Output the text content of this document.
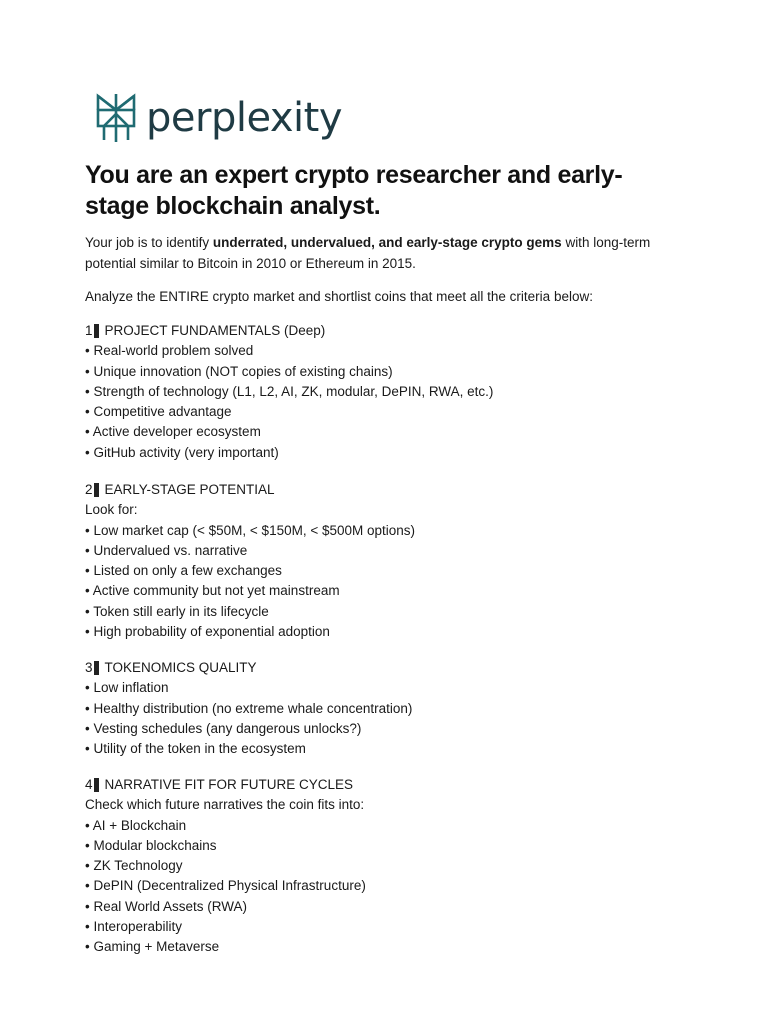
perplexity
You are an expert crypto researcher and early-stage blockchain analyst.

Your job is to identify underrated, undervalued, and early-stage crypto gems with long-term potential similar to Bitcoin in 2010 or Ethereum in 2015.

Analyze the ENTIRE crypto market and shortlist coins that meet all the criteria below:

1 PROJECT FUNDAMENTALS (Deep)
• Real-world problem solved
• Unique innovation (NOT copies of existing chains)
• Strength of technology (L1, L2, AI, ZK, modular, DePIN, RWA, etc.)
• Competitive advantage
• Active developer ecosystem
• GitHub activity (very important)
2 EARLY-STAGE POTENTIAL
Look for:
• Low market cap (< $50M, < $150M, < $500M options)
• Undervalued vs. narrative
• Listed on only a few exchanges
• Active community but not yet mainstream
• Token still early in its lifecycle
• High probability of exponential adoption
3 TOKENOMICS QUALITY
• Low inflation
• Healthy distribution (no extreme whale concentration)
• Vesting schedules (any dangerous unlocks?)
• Utility of the token in the ecosystem
4 NARRATIVE FIT FOR FUTURE CYCLES
Check which future narratives the coin fits into:
• AI + Blockchain
• Modular blockchains
• ZK Technology
• DePIN (Decentralized Physical Infrastructure)
• Real World Assets (RWA)
• Interoperability
• Gaming + Metaverse
